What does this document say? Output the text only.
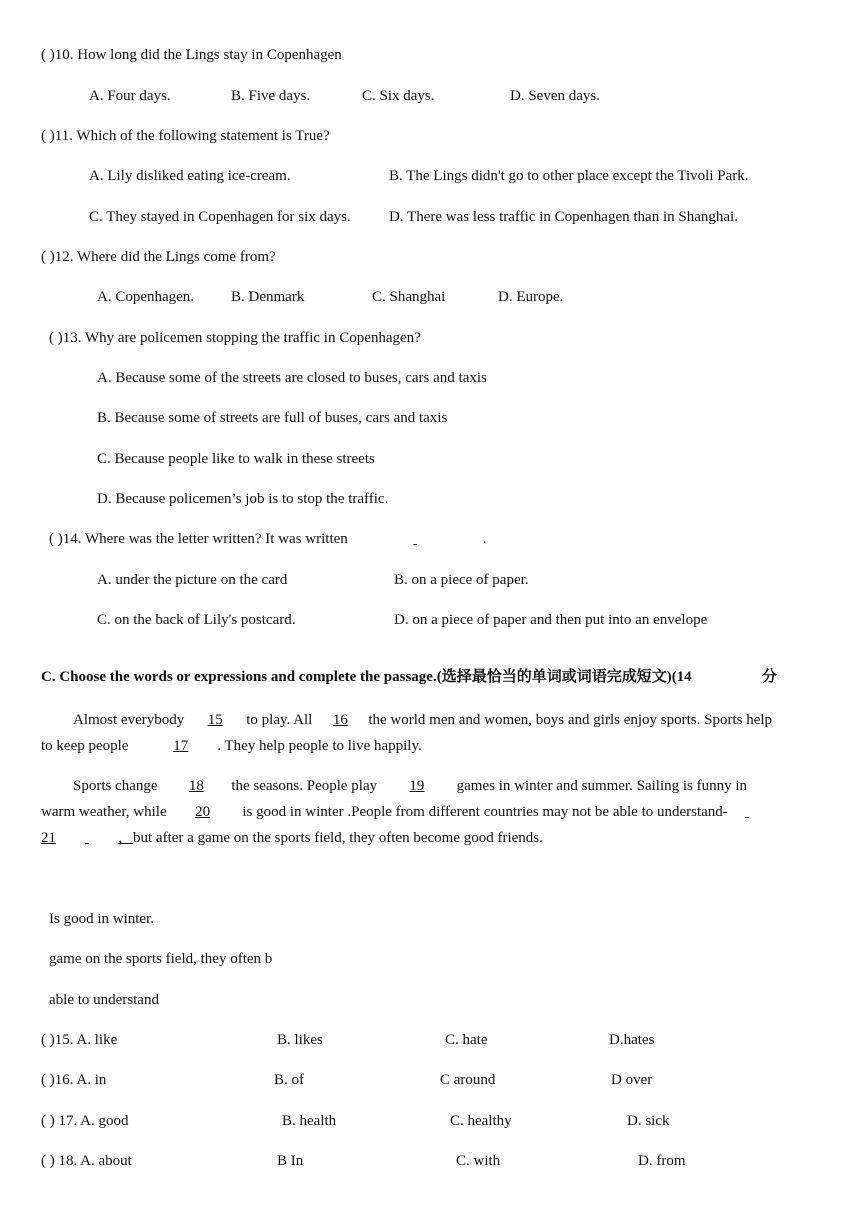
( )10. How long did the Lings stay in Copenhagen
A. Four days.	B. Five days.	C. Six days.	D. Seven days.
( )11. Which of the following statement is True?
A. Lily disliked eating ice-cream.	B. The Lings didn't go to other place except the Tivoli Park.
C. They stayed in Copenhagen for six days.	D. There was less traffic in Copenhagen than in Shanghai.
( )12. Where did the Lings come from?
A. Copenhagen. B. Denmark	C. Shanghai	D. Europe.
( )13. Why are policemen stopping the traffic in Copenhagen?
A. Because some of the streets are closed to buses, cars and taxis
B. Because some of streets are full of buses, cars and taxis
C. Because people like to walk in these streets
D. Because policemen’s job is to stop the traffic.
( )14. Where was the letter written? It was written	.
A. under the picture on the card	B. on a piece of paper.
C. on the back of Lily's postcard.	D. on a piece of paper and then put into an envelope
C. Choose the words or expressions and complete the passage.(选择最恰当的单词或词语完成短文)(14	分
Almost everybody 15 to play. All 16 the world men and women, boys and girls enjoy sports. Sports help
to keep people	17 . They help people to live happily.
Sports change 18 the seasons. People play 19 games in winter and summer. Sailing is funny in
warm weather, while 20 is good in winter .People from different countries may not be able to understand-
21	，but after a game on the sports field, they often become good friends.
Is good in winter.
game on the sports field, they often b
able to understand
( )15. A. like	B. likes	C. hate	D.hates
( )16. A. in	B. of	C around	D over
( ) 17. A. good	B. health	C. healthy	D. sick
( ) 18. A. about	B In	C. with	D. from
